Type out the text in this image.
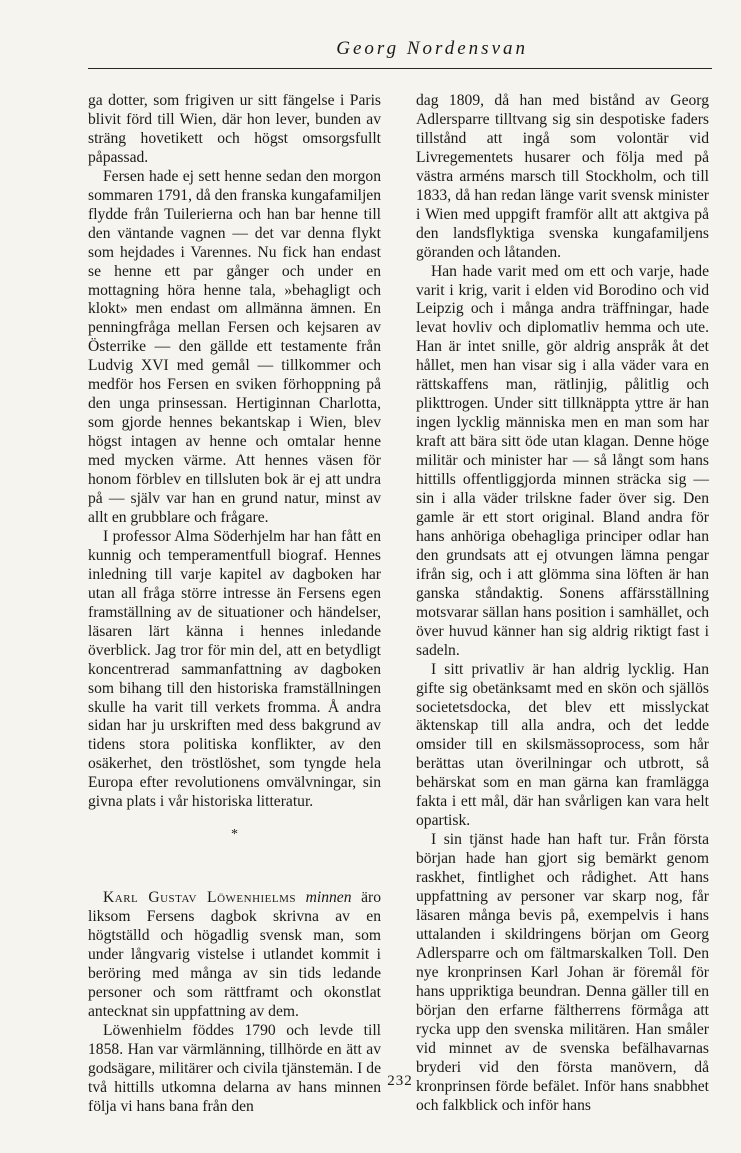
Georg Nordensvan

ga dotter, som frigiven ur sitt fängelse i Paris blivit förd till Wien, där hon lever, bunden av sträng hovetikett och högst omsorgsfullt påpassad.

Fersen hade ej sett henne sedan den morgon sommaren 1791, då den franska kungafamiljen flydde från Tuilerierna och han bar henne till den väntande vagnen — det var denna flykt som hejdades i Varennes. Nu fick han endast se henne ett par gånger och under en mottagning höra henne tala, »behagligt och klokt» men endast om allmänna ämnen. En penningfråga mellan Fersen och kejsaren av Österrike — den gällde ett testamente från Ludvig XVI med gemål — tillkommer och medför hos Fersen en sviken förhoppning på den unga prinsessan. Hertiginnan Charlotta, som gjorde hennes bekantskap i Wien, blev högst intagen av henne och omtalar henne med mycken värme. Att hennes väsen för honom förblev en tillsluten bok är ej att undra på — själv var han en grund natur, minst av allt en grubblare och frågare.

I professor Alma Söderhjelm har han fått en kunnig och temperamentfull biograf. Hennes inledning till varje kapitel av dagboken har utan all fråga större intresse än Fersens egen framställning av de situationer och händelser, läsaren lärt känna i hennes inledande överblick. Jag tror för min del, att en betydligt koncentrerad sammanfattning av dagboken som bihang till den historiska framställningen skulle ha varit till verkets fromma. Å andra sidan har ju urskriften med dess bakgrund av tidens stora politiska konflikter, av den osäkerhet, den tröstlöshet, som tyngde hela Europa efter revolutionens omvälvningar, sin givna plats i vår historiska litteratur.

*

Karl Gustav Löwenhielms minnen äro liksom Fersens dagbok skrivna av en högtställd och högadlig svensk man, som under långvarig vistelse i utlandet kommit i beröring med många av sin tids ledande personer och som rättframt och okonstlat antecknat sin uppfattning av dem.

Löwenhielm föddes 1790 och levde till 1858. Han var värmlänning, tillhörde en ätt av godsägare, militärer och civila tjänstemän. I de två hittills utkomna delarna av hans minnen följa vi hans bana från den

dag 1809, då han med bistånd av Georg Adlersparre tilltvang sig sin despotiske faders tillstånd att ingå som volontär vid Livregementets husarer och följa med på västra arméns marsch till Stockholm, och till 1833, då han redan länge varit svensk minister i Wien med uppgift framför allt att aktgiva på den landsflyktiga svenska kungafamiljens göranden och låtanden.

Han hade varit med om ett och varje, hade varit i krig, varit i elden vid Borodino och vid Leipzig och i många andra träffningar, hade levat hovliv och diplomatliv hemma och ute. Han är intet snille, gör aldrig anspråk åt det hållet, men han visar sig i alla väder vara en rättskaffens man, rätlinjig, pålitlig och plikttrogen. Under sitt tillknäppta yttre är han ingen lycklig människa men en man som har kraft att bära sitt öde utan klagan. Denne höge militär och minister har — så långt som hans hittills offentliggjorda minnen sträcka sig — sin i alla väder trilskne fader över sig. Den gamle är ett stort original. Bland andra för hans anhöriga obehagliga principer odlar han den grundsats att ej otvungen lämna pengar ifrån sig, och i att glömma sina löften är han ganska ståndaktig. Sonens affärsställning motsvarar sällan hans position i samhället, och över huvud känner han sig aldrig riktigt fast i sadeln.

I sitt privatliv är han aldrig lycklig. Han gifte sig obetänksamt med en skön och själlös societetsdocka, det blev ett misslyckat äktenskap till alla andra, och det ledde omsider till en skilsmässoprocess, som hår berättas utan överilningar och utbrott, så behärskat som en man gärna kan framlägga fakta i ett mål, där han svårligen kan vara helt opartisk.

I sin tjänst hade han haft tur. Från första början hade han gjort sig bemärkt genom raskhet, fintlighet och rådighet. Att hans uppfattning av personer var skarp nog, får läsaren många bevis på, exempelvis i hans uttalanden i skildringens början om Georg Adlersparre och om fältmarskalken Toll. Den nye kronprinsen Karl Johan är föremål för hans uppriktiga beundran. Denna gäller till en början den erfarne fältherrens förmåga att rycka upp den svenska militären. Han småler vid minnet av de svenska befälhavarnas bryderi vid den första manövern, då kronprinsen förde befälet. Inför hans snabbhet och falkblick och inför hans

232
